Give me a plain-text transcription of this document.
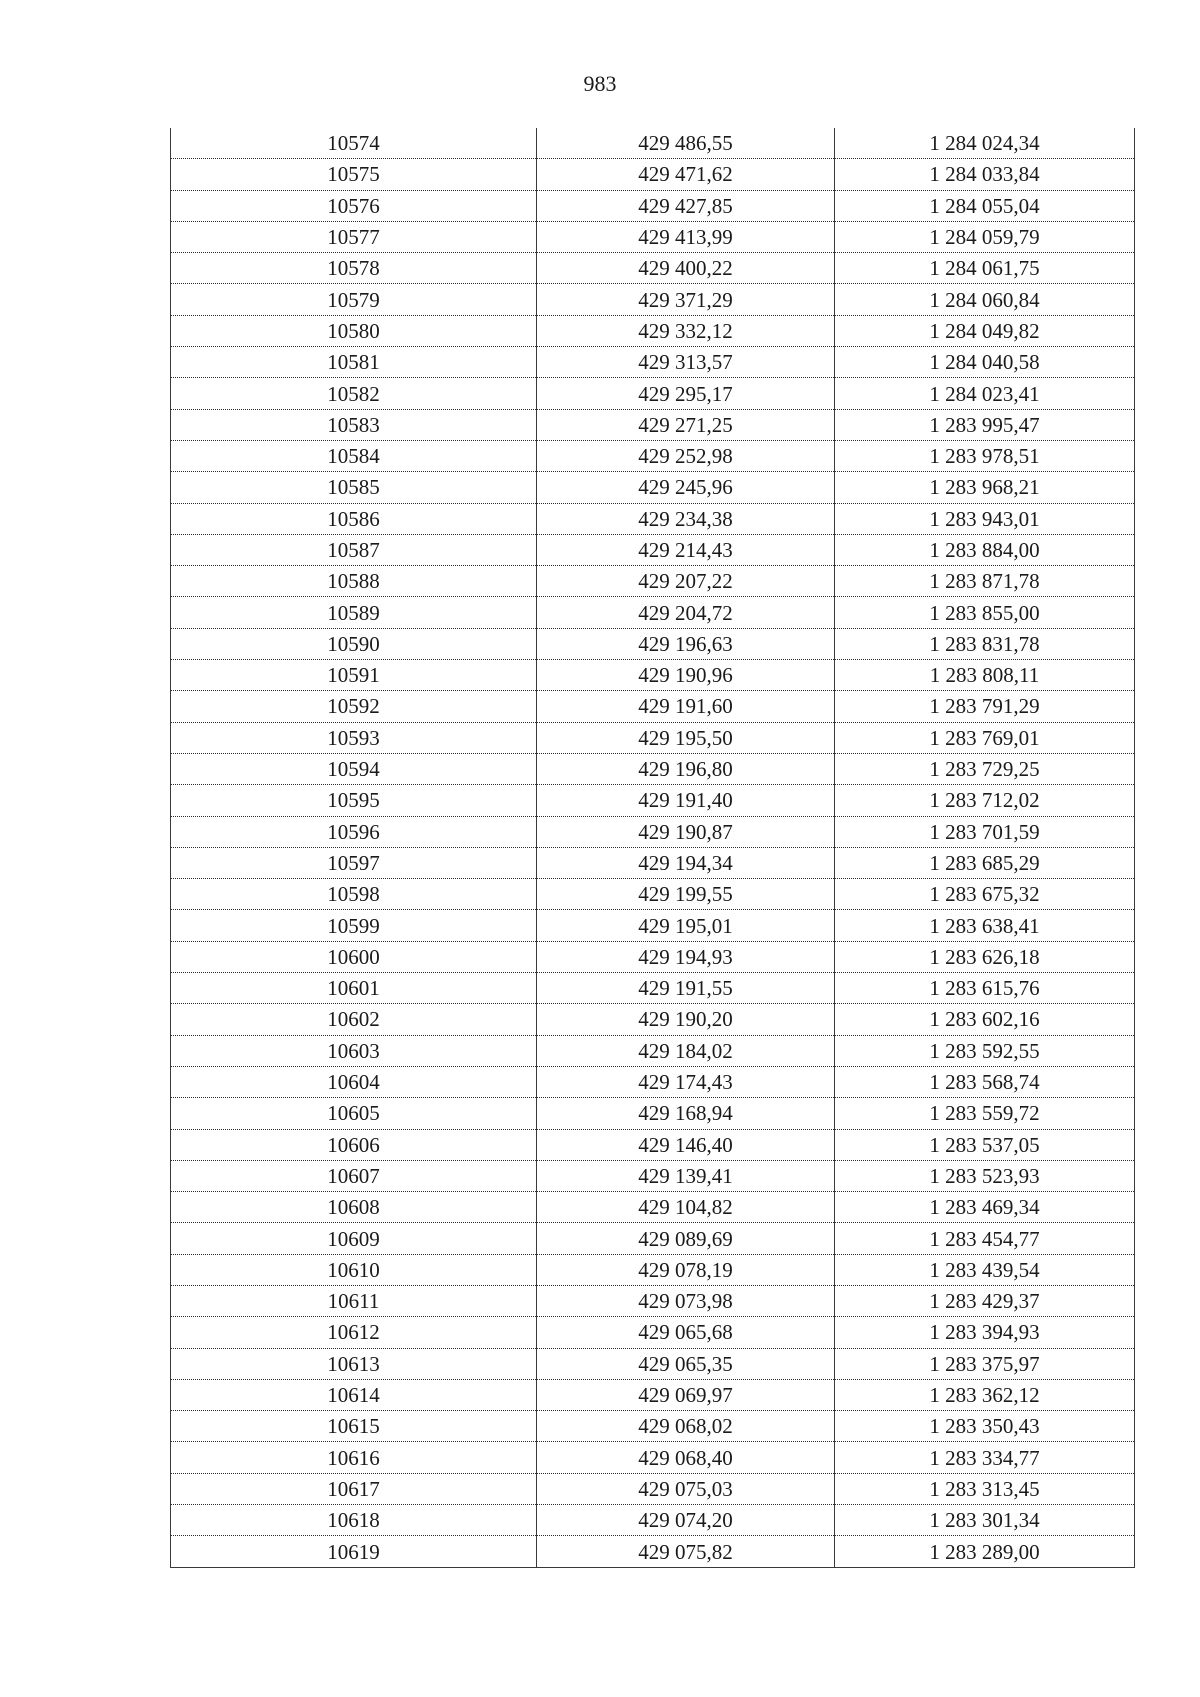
983
10574	429 486,55	1 284 024,34
10575	429 471,62	1 284 033,84
10576	429 427,85	1 284 055,04
10577	429 413,99	1 284 059,79
10578	429 400,22	1 284 061,75
10579	429 371,29	1 284 060,84
10580	429 332,12	1 284 049,82
10581	429 313,57	1 284 040,58
10582	429 295,17	1 284 023,41
10583	429 271,25	1 283 995,47
10584	429 252,98	1 283 978,51
10585	429 245,96	1 283 968,21
10586	429 234,38	1 283 943,01
10587	429 214,43	1 283 884,00
10588	429 207,22	1 283 871,78
10589	429 204,72	1 283 855,00
10590	429 196,63	1 283 831,78
10591	429 190,96	1 283 808,11
10592	429 191,60	1 283 791,29
10593	429 195,50	1 283 769,01
10594	429 196,80	1 283 729,25
10595	429 191,40	1 283 712,02
10596	429 190,87	1 283 701,59
10597	429 194,34	1 283 685,29
10598	429 199,55	1 283 675,32
10599	429 195,01	1 283 638,41
10600	429 194,93	1 283 626,18
10601	429 191,55	1 283 615,76
10602	429 190,20	1 283 602,16
10603	429 184,02	1 283 592,55
10604	429 174,43	1 283 568,74
10605	429 168,94	1 283 559,72
10606	429 146,40	1 283 537,05
10607	429 139,41	1 283 523,93
10608	429 104,82	1 283 469,34
10609	429 089,69	1 283 454,77
10610	429 078,19	1 283 439,54
10611	429 073,98	1 283 429,37
10612	429 065,68	1 283 394,93
10613	429 065,35	1 283 375,97
10614	429 069,97	1 283 362,12
10615	429 068,02	1 283 350,43
10616	429 068,40	1 283 334,77
10617	429 075,03	1 283 313,45
10618	429 074,20	1 283 301,34
10619	429 075,82	1 283 289,00
